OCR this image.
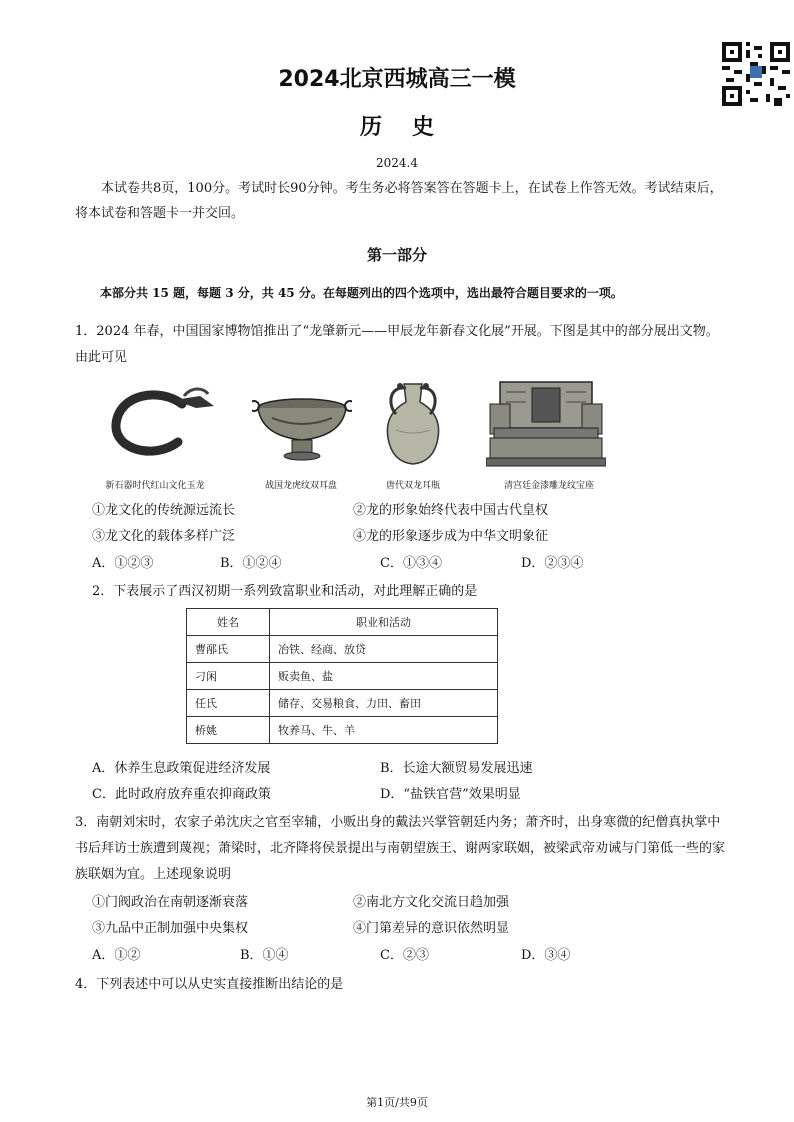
2024北京西城高三一模
历史
2024.4
本试卷共8页，100分。考试时长90分钟。考生务必将答案答在答题卡上，在试卷上作答无效。考试结束后，将本试卷和答题卡一并交回。
第一部分
本部分共 15 题，每题 3 分，共 45 分。在每题列出的四个选项中，选出最符合题目要求的一项。
1．2024 年春，中国国家博物馆推出了“龙肇新元——甲辰龙年新春文化展”开展。下图是其中的部分展出文物。由此可见
新石器时代红山文化玉龙	战国龙虎纹双耳盘	唐代双龙耳瓶	清宫廷金漆雕龙纹宝座
①龙文化的传统源远流长	②龙的形象始终代表中国古代皇权
③龙文化的载体多样广泛	④龙的形象逐步成为中华文明象征
A．①②③	B．①②④	C．①③④	D．②③④
2．下表展示了西汉初期一系列致富职业和活动，对此理解正确的是
姓名	职业和活动
曹邴氏	冶铁、经商、放贷
刁闲	贩卖鱼、盐
任氏	储存、交易粮食、力田、畜田
桥姚	牧养马、牛、羊
A．休养生息政策促进经济发展	B．长途大额贸易发展迅速
C．此时政府放弃重农抑商政策	D．“盐铁官营”效果明显
3．南朝刘宋时，农家子弟沈庆之官至宰辅，小贩出身的戴法兴掌管朝廷内务；萧齐时，出身寒微的纪僧真执掌中书后拜访士族遭到蔑视；萧梁时，北齐降将侯景提出与南朝望族王、谢两家联姻，被梁武帝劝诫与门第低一些的家族联姻为宜。上述现象说明
①门阀政治在南朝逐渐衰落	②南北方文化交流日趋加强
③九品中正制加强中央集权	④门第差异的意识依然明显
A．①②	B．①④	C．②③	D．③④
4．下列表述中可以从史实直接推断出结论的是
第1页/共9页
